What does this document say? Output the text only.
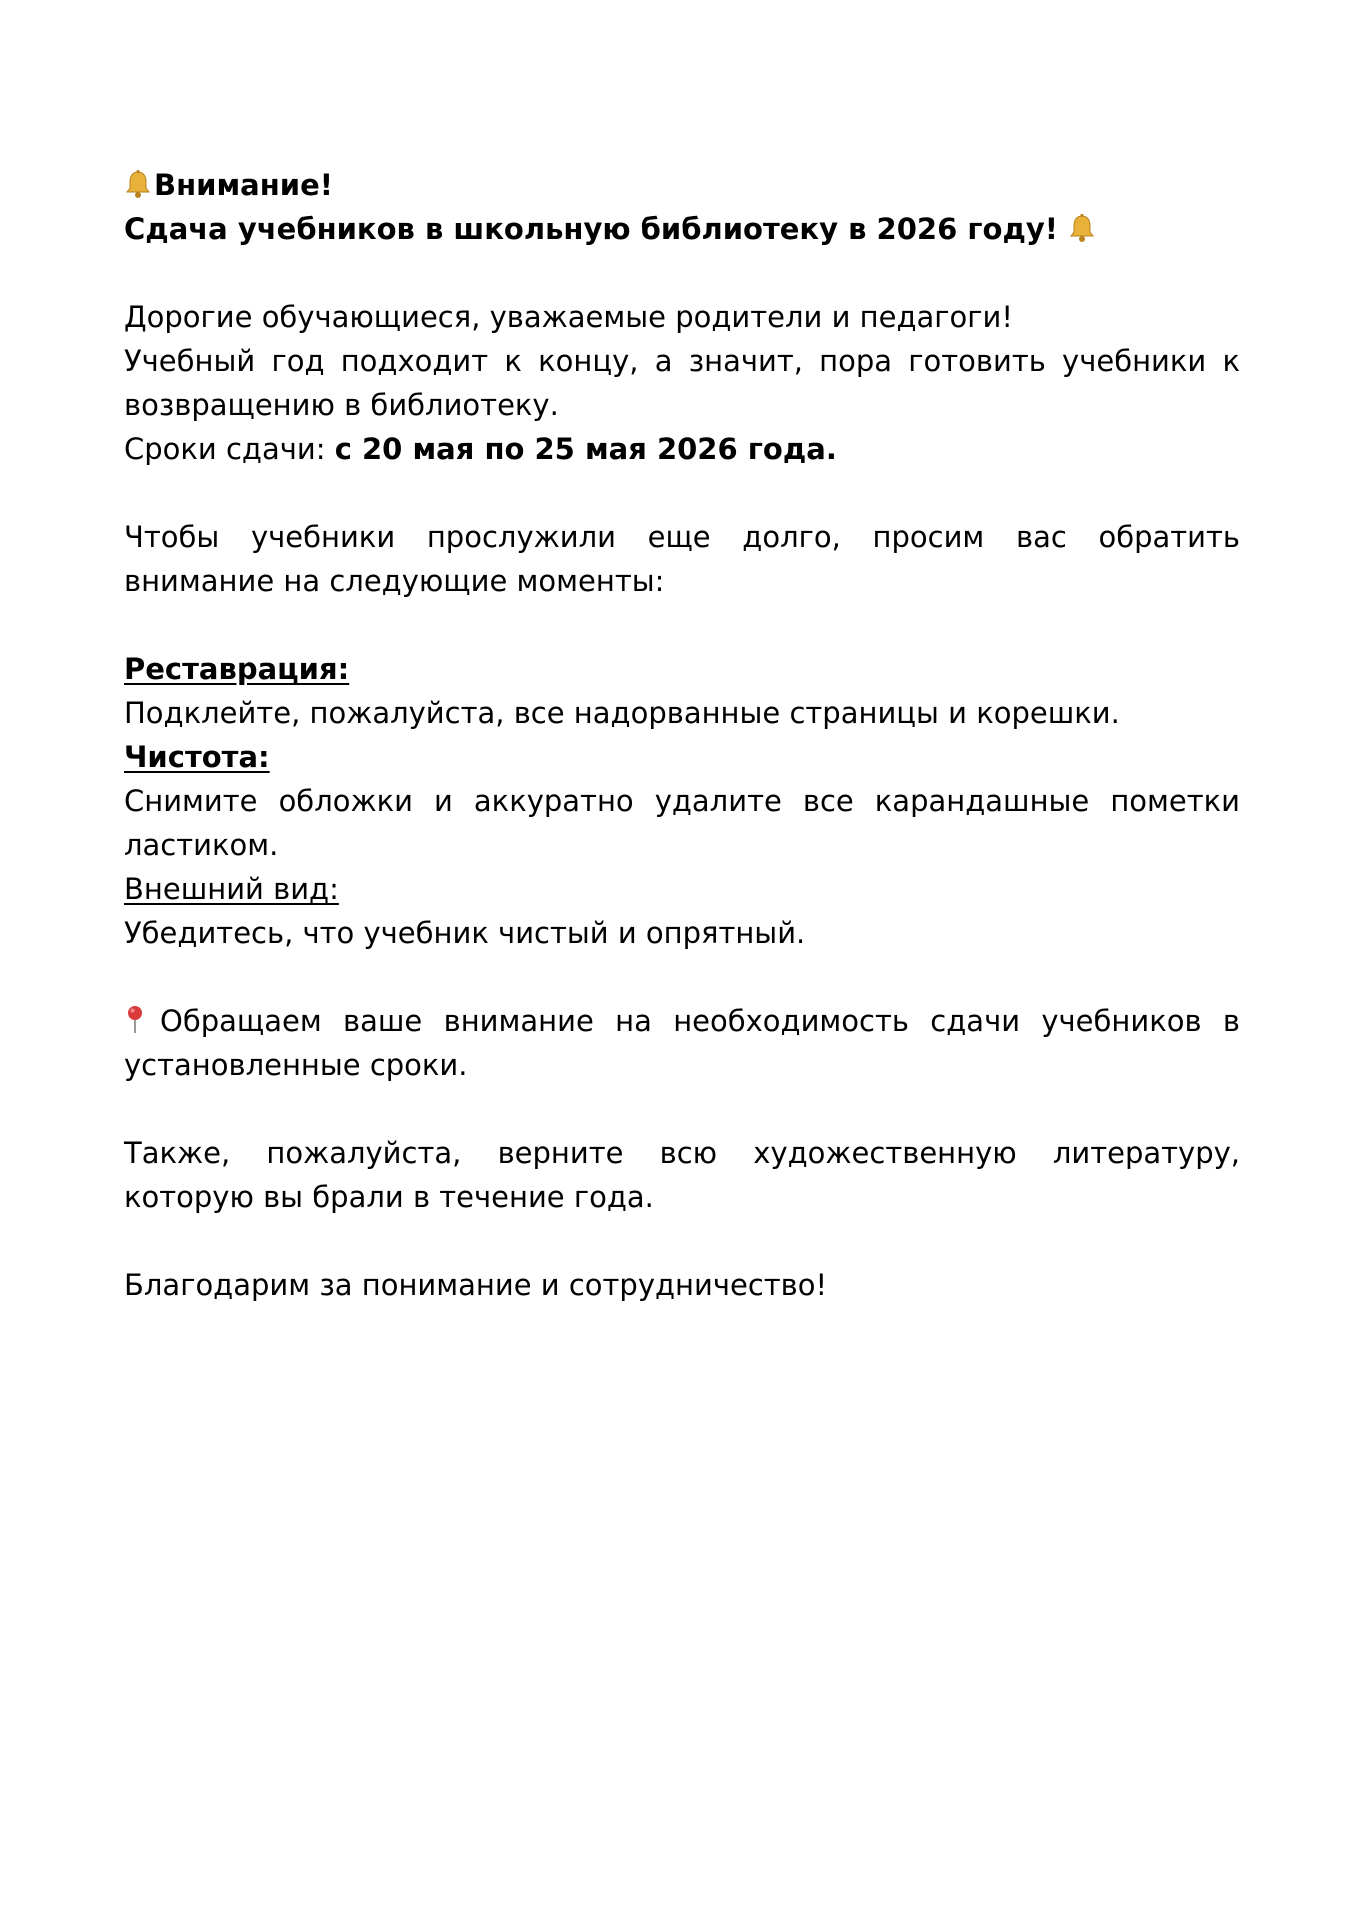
Внимание!
Сдача учебников в школьную библиотеку в 2026 году!
Дорогие обучающиеся, уважаемые родители и педагоги!
Учебный год подходит к концу, а значит, пора готовить учебники к возвращению в библиотеку.
Сроки сдачи: с 20 мая по 25 мая 2026 года.
Чтобы учебники прослужили еще долго, просим вас обратить внимание на следующие моменты:
Реставрация:
Подклейте, пожалуйста, все надорванные страницы и корешки.
Чистота:
Снимите обложки и аккуратно удалите все карандашные пометки ластиком.
Внешний вид:
Убедитесь, что учебник чистый и опрятный.
Обращаем ваше внимание на необходимость сдачи учебников в установленные сроки.
Также, пожалуйста, верните всю художественную литературу, которую вы брали в течение года.
Благодарим за понимание и сотрудничество!
